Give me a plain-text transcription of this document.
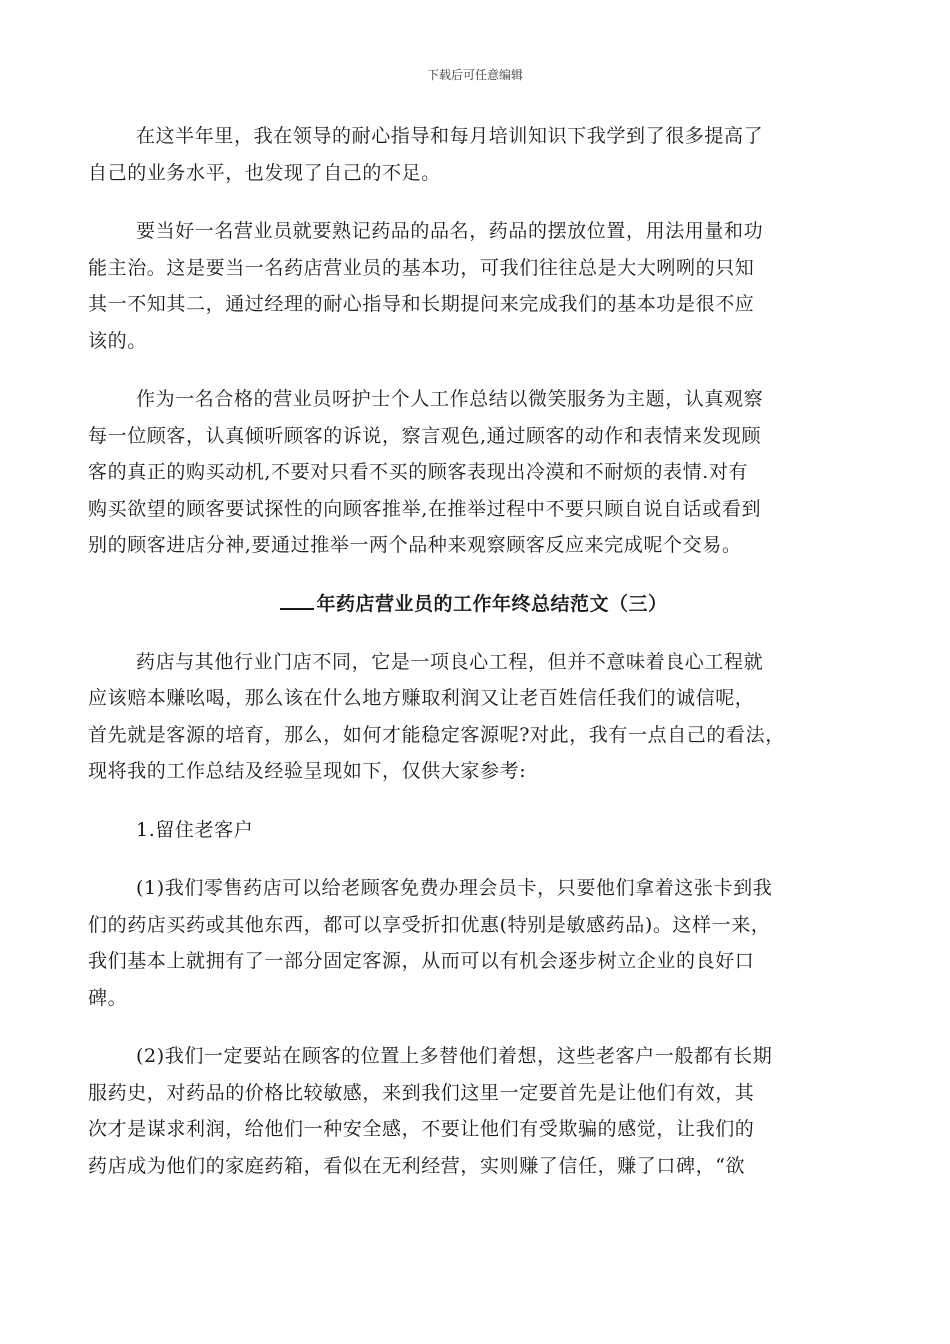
下载后可任意编辑
在这半年里，我在领导的耐心指导和每月培训知识下我学到了很多提高了
自己的业务水平，也发现了自己的不足。
要当好一名营业员就要熟记药品的品名，药品的摆放位置，用法用量和功
能主治。这是要当一名药店营业员的基本功，可我们往往总是大大咧咧的只知
其一不知其二，通过经理的耐心指导和长期提问来完成我们的基本功是很不应
该的。
作为一名合格的营业员呀护士个人工作总结以微笑服务为主题，认真观察
每一位顾客，认真倾听顾客的诉说，察言观色,通过顾客的动作和表情来发现顾
客的真正的购买动机,不要对只看不买的顾客表现出冷漠和不耐烦的表情.对有
购买欲望的顾客要试探性的向顾客推举,在推举过程中不要只顾自说自话或看到
别的顾客进店分神,要通过推举一两个品种来观察顾客反应来完成呢个交易。
年药店营业员的工作年终总结范文（三）
药店与其他行业门店不同，它是一项良心工程，但并不意味着良心工程就
应该赔本赚吆喝，那么该在什么地方赚取利润又让老百姓信任我们的诚信呢，
首先就是客源的培育，那么，如何才能稳定客源呢?对此，我有一点自己的看法，
现将我的工作总结及经验呈现如下，仅供大家参考:
1.留住老客户
(1)我们零售药店可以给老顾客免费办理会员卡，只要他们拿着这张卡到我
们的药店买药或其他东西，都可以享受折扣优惠(特别是敏感药品)。这样一来，
我们基本上就拥有了一部分固定客源，从而可以有机会逐步树立企业的良好口
碑。
(2)我们一定要站在顾客的位置上多替他们着想，这些老客户一般都有长期
服药史，对药品的价格比较敏感，来到我们这里一定要首先是让他们有效，其
次才是谋求利润，给他们一种安全感，不要让他们有受欺骗的感觉，让我们的
药店成为他们的家庭药箱，看似在无利经营，实则赚了信任，赚了口碑，“欲
